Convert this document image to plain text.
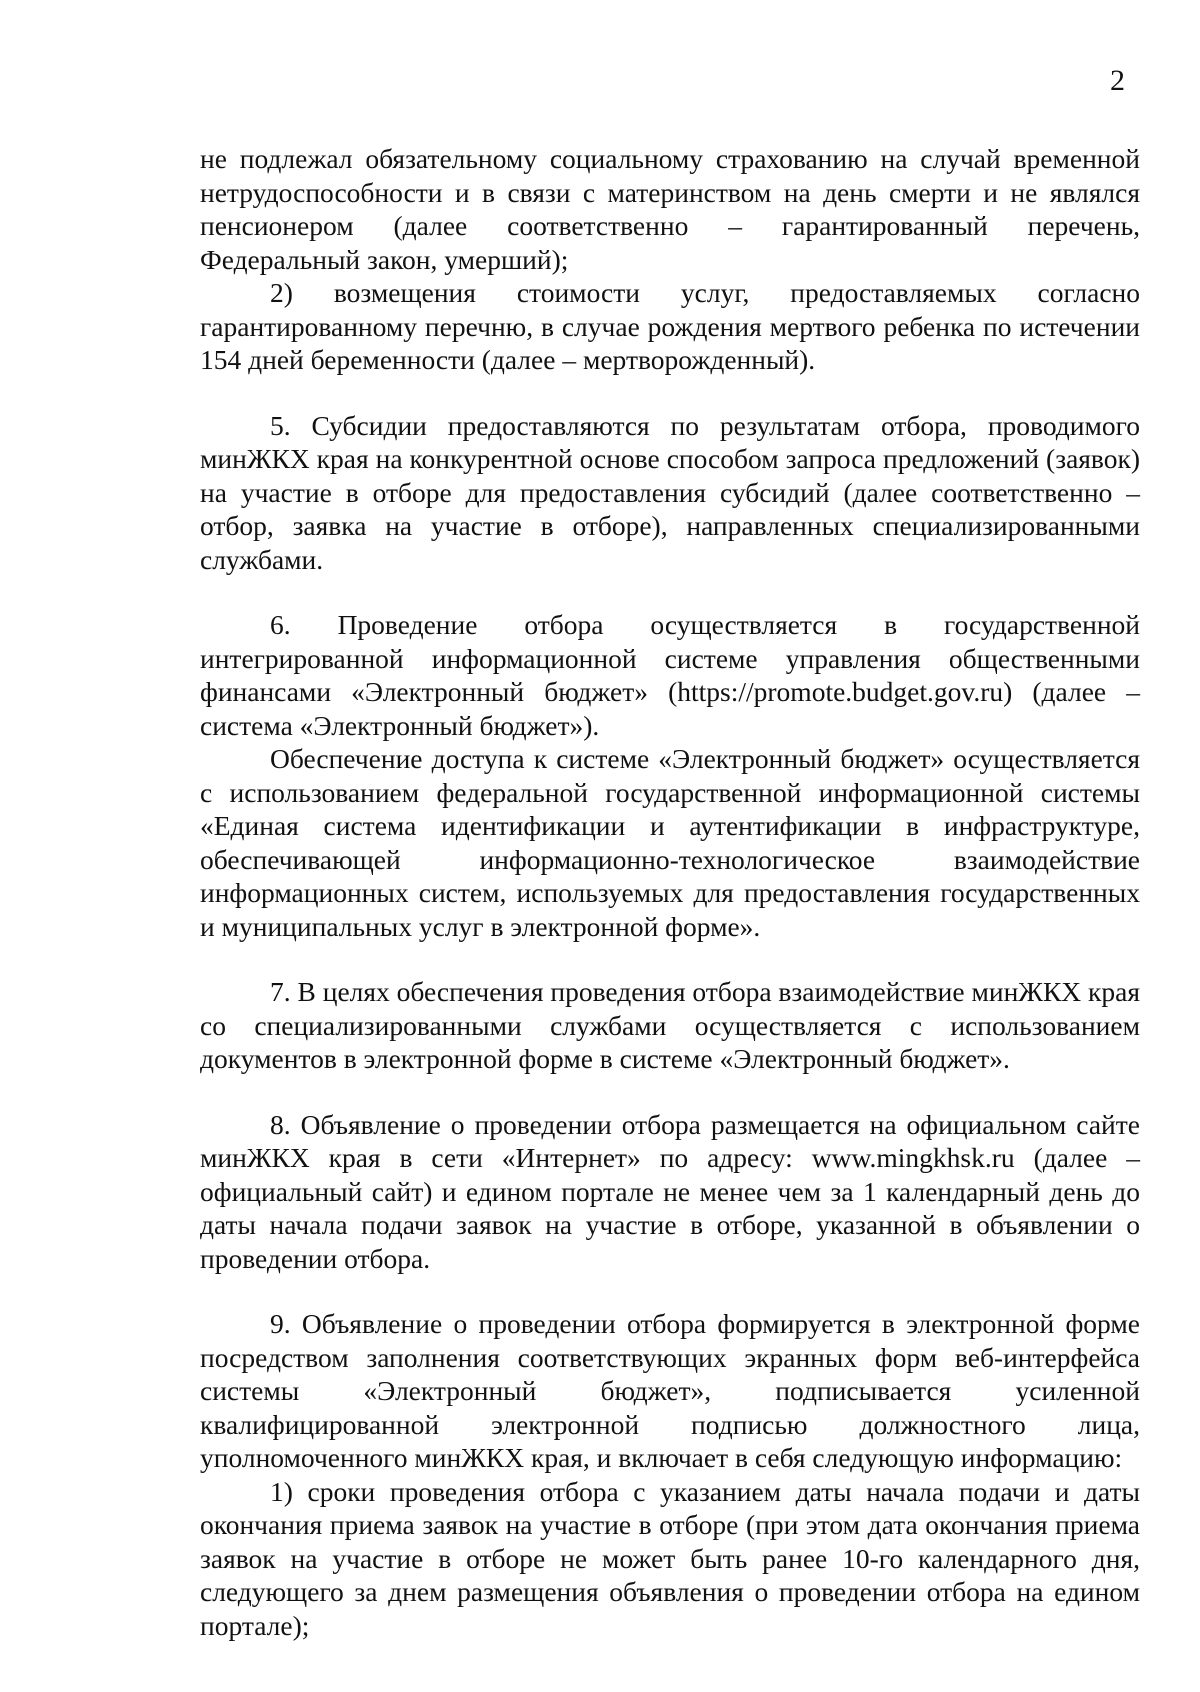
2

не подлежал обязательному социальному страхованию на случай временной нетрудоспособности и в связи с материнством на день смерти и не являлся пенсионером (далее соответственно – гарантированный перечень, Федеральный закон, умерший);

2) возмещения стоимости услуг, предоставляемых согласно гарантированному перечню, в случае рождения мертвого ребенка по истечении 154 дней беременности (далее – мертворожденный).

5. Субсидии предоставляются по результатам отбора, проводимого минЖКХ края на конкурентной основе способом запроса предложений (заявок) на участие в отборе для предоставления субсидий (далее соответственно – отбор, заявка на участие в отборе), направленных специализированными службами.

6. Проведение отбора осуществляется в государственной интегрированной информационной системе управления общественными финансами «Электронный бюджет» (https://promote.budget.gov.ru) (далее – система «Электронный бюджет»).

Обеспечение доступа к системе «Электронный бюджет» осуществляется с использованием федеральной государственной информационной системы «Единая система идентификации и аутентификации в инфраструктуре, обеспечивающей информационно-технологическое взаимодействие информационных систем, используемых для предоставления государственных и муниципальных услуг в электронной форме».

7. В целях обеспечения проведения отбора взаимодействие минЖКХ края со специализированными службами осуществляется с использованием документов в электронной форме в системе «Электронный бюджет».

8. Объявление о проведении отбора размещается на официальном сайте минЖКХ края в сети «Интернет» по адресу: www.mingkhsk.ru (далее – официальный сайт) и едином портале не менее чем за 1 календарный день до даты начала подачи заявок на участие в отборе, указанной в объявлении о проведении отбора.

9. Объявление о проведении отбора формируется в электронной форме посредством заполнения соответствующих экранных форм веб-интерфейса системы «Электронный бюджет», подписывается усиленной квалифицированной электронной подписью должностного лица, уполномоченного минЖКХ края, и включает в себя следующую информацию:

1) сроки проведения отбора с указанием даты начала подачи и даты окончания приема заявок на участие в отборе (при этом дата окончания приема заявок на участие в отборе не может быть ранее 10-го календарного дня, следующего за днем размещения объявления о проведении отбора на едином портале);
